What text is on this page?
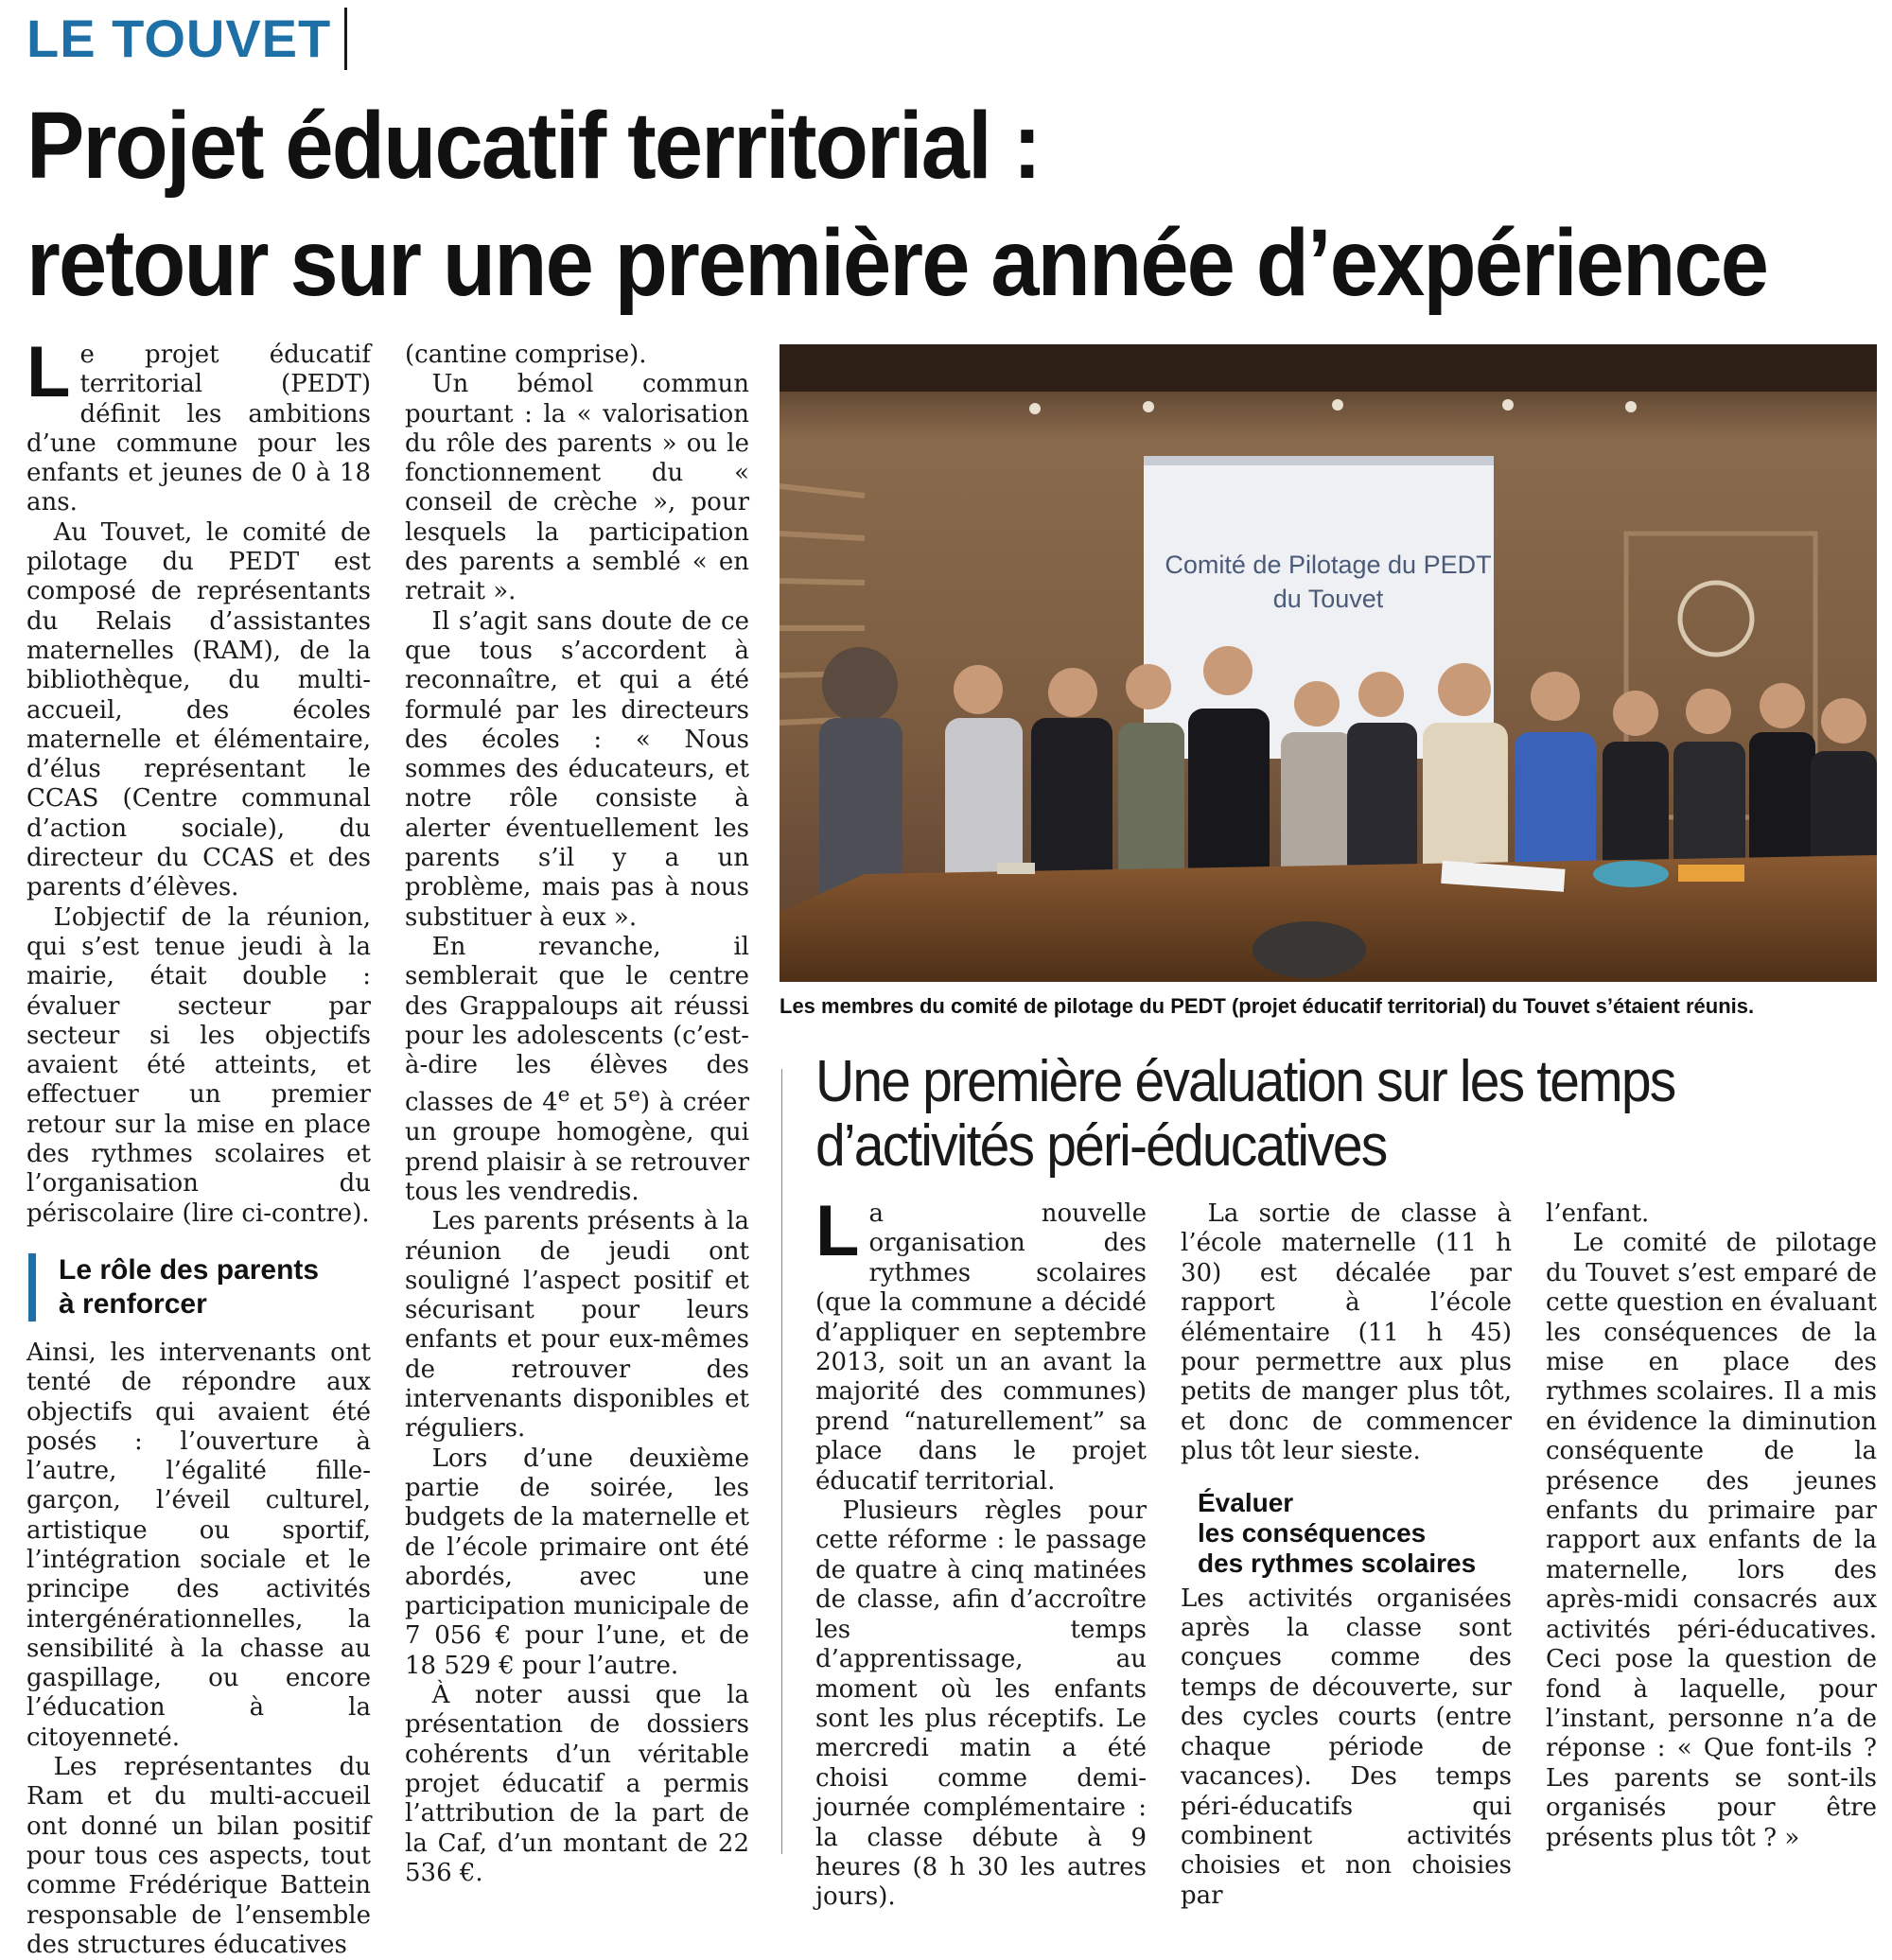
LE TOUVET
Projet éducatif territorial :
retour sur une première année d’expérience

Le projet éducatif territorial (PEDT) définit les ambitions d’une commune pour les enfants et jeunes de 0 à 18 ans.

Au Touvet, le comité de pilotage du PEDT est composé de représentants du Relais d’assistantes maternelles (RAM), de la bibliothèque, du multi-accueil, des écoles maternelle et élémentaire, d’élus représentant le CCAS (Centre communal d’action sociale), du directeur du CCAS et des parents d’élèves.

L’objectif de la réunion, qui s’est tenue jeudi à la mairie, était double : évaluer secteur par secteur si les objectifs avaient été atteints, et effectuer un premier retour sur la mise en place des rythmes scolaires et l’organisation du périscolaire (lire ci-contre).

Le rôle des parents
à renforcer

Ainsi, les intervenants ont tenté de répondre aux objectifs qui avaient été posés : l’ouverture à l’autre, l’égalité fille-garçon, l’éveil culturel, artistique ou sportif, l’intégration sociale et le principe des activités intergénérationnelles, la sensibilité à la chasse au gaspillage, ou encore l’éducation à la citoyenneté.

Les représentantes du Ram et du multi-accueil ont donné un bilan positif pour tous ces aspects, tout comme Frédérique Battein responsable de l’ensemble des structures éducatives

(cantine comprise).

Un bémol commun pourtant : la « valorisation du rôle des parents » ou le fonctionnement du « conseil de crèche », pour lesquels la participation des parents a semblé « en retrait ».

Il s’agit sans doute de ce que tous s’accordent à reconnaître, et qui a été formulé par les directeurs des écoles : « Nous sommes des éducateurs, et notre rôle consiste à alerter éventuellement les parents s’il y a un problème, mais pas à nous substituer à eux ».

En revanche, il semblerait que le centre des Grappaloups ait réussi pour les adolescents (c’est-à-dire les élèves des classes de 4e et 5e) à créer un groupe homogène, qui prend plaisir à se retrouver tous les vendredis.

Les parents présents à la réunion de jeudi ont souligné l’aspect positif et sécurisant pour leurs enfants et pour eux-mêmes de retrouver des intervenants disponibles et réguliers.

Lors d’une deuxième partie de soirée, les budgets de la maternelle et de l’école primaire ont été abordés, avec une participation municipale de 7 056 € pour l’une, et de 18 529 € pour l’autre.

À noter aussi que la présentation de dossiers cohérents d’un véritable projet éducatif a permis l’attribution de la part de la Caf, d’un montant de 22 536 €.

Comité de Pilotage du PEDT
du Touvet
Les membres du comité de pilotage du PEDT (projet éducatif territorial) du Touvet s’étaient réunis.
Une première évaluation sur les temps
d’activités péri-éducatives

La nouvelle organisation des rythmes scolaires (que la commune a décidé d’appliquer en septembre 2013, soit un an avant la majorité des communes) prend “naturellement” sa place dans le projet éducatif territorial.

Plusieurs règles pour cette réforme : le passage de quatre à cinq matinées de classe, afin d’accroître les temps d’apprentissage, au moment où les enfants sont les plus réceptifs. Le mercredi matin a été choisi comme demi-journée complémentaire : la classe débute à 9 heures (8 h 30 les autres jours).

La sortie de classe à l’école maternelle (11 h 30) est décalée par rapport à l’école élémentaire (11 h 45) pour permettre aux plus petits de manger plus tôt, et donc de commencer plus tôt leur sieste.

Évaluer
les conséquences
des rythmes scolaires

Les activités organisées après la classe sont conçues comme des temps de découverte, sur des cycles courts (entre chaque période de vacances). Des temps péri-éducatifs qui combinent activités choisies et non choisies par

l’enfant.

Le comité de pilotage du Touvet s’est emparé de cette question en évaluant les conséquences de la mise en place des rythmes scolaires. Il a mis en évidence la diminution conséquente de la présence des jeunes enfants du primaire par rapport aux enfants de la maternelle, lors des après-midi consacrés aux activités péri-éducatives. Ceci pose la question de fond à laquelle, pour l’instant, personne n’a de réponse : « Que font-ils ? Les parents se sont-ils organisés pour être présents plus tôt ? »
